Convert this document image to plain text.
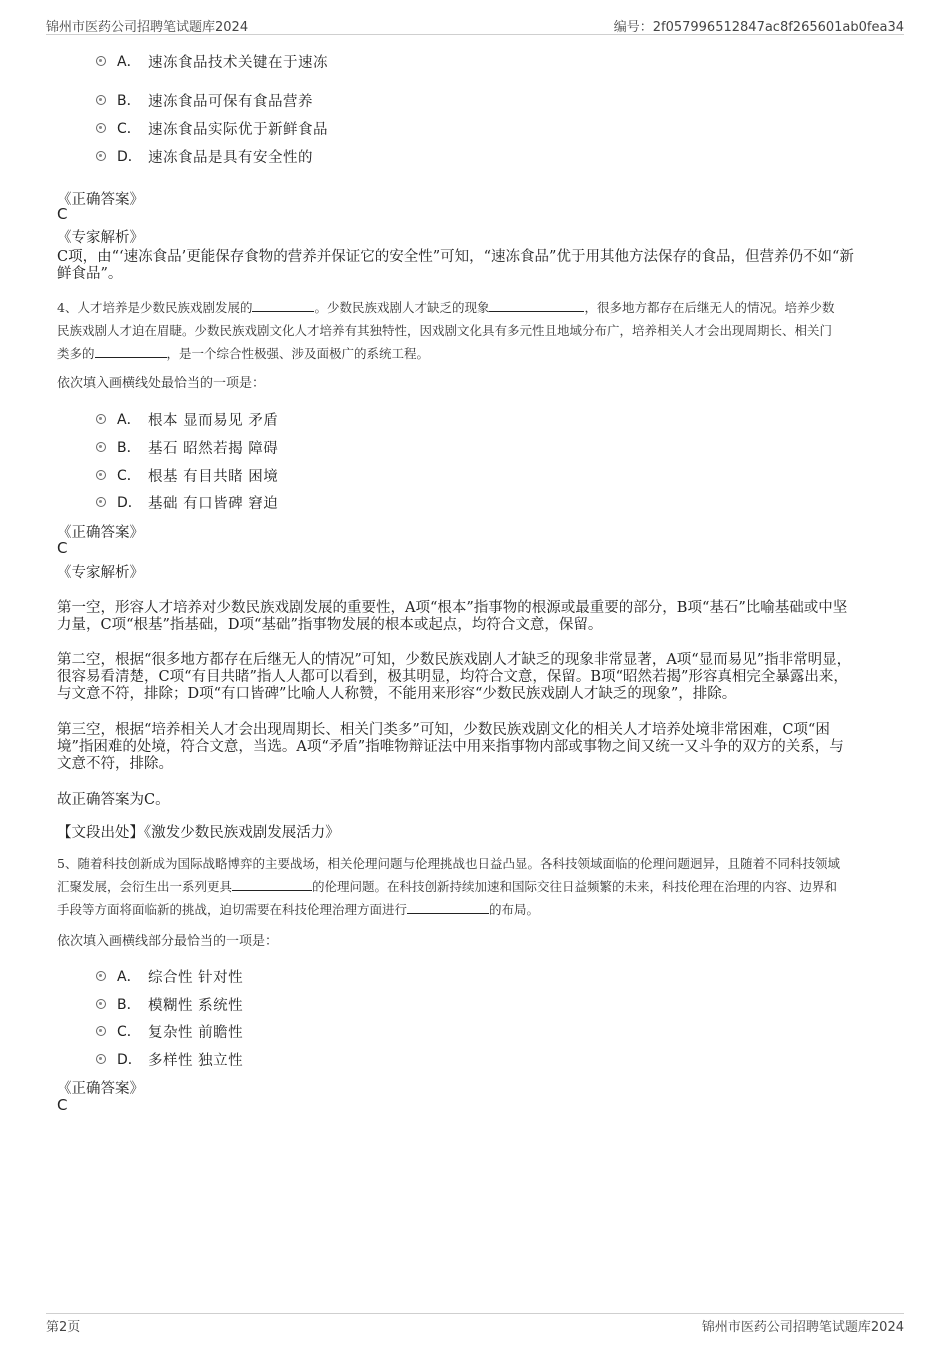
锦州市医药公司招聘笔试题库2024	编号：2f057996512847ac8f265601ab0fea34
A． 速冻食品技术关键在于速冻
B． 速冻食品可保有食品营养
C． 速冻食品实际优于新鲜食品
D． 速冻食品是具有安全性的
《正确答案》
C
《专家解析》
C项，由“‘速冻食品’更能保存食物的营养并保证它的安全性”可知，“速冻食品”优于用其他方法保存的食品，但营养仍不如“新
鲜食品”。
4、人才培养是少数民族戏剧发展的	。少数民族戏剧人才缺乏的现象	，很多地方都存在后继无人的情况。培养少数
民族戏剧人才迫在眉睫。少数民族戏剧文化人才培养有其独特性，因戏剧文化具有多元性且地域分布广，培养相关人才会出现周期长、相关门
类多的	，是一个综合性极强、涉及面极广的系统工程。
依次填入画横线处最恰当的一项是：
A． 根本 显而易见 矛盾
B． 基石 昭然若揭 障碍
C． 根基 有目共睹 困境
D． 基础 有口皆碑 窘迫
《正确答案》
C
《专家解析》
第一空，形容人才培养对少数民族戏剧发展的重要性，A项“根本”指事物的根源或最重要的部分，B项“基石”比喻基础或中坚
力量，C项“根基”指基础，D项“基础”指事物发展的根本或起点，均符合文意，保留。
第二空，根据“很多地方都存在后继无人的情况”可知，少数民族戏剧人才缺乏的现象非常显著，A项“显而易见”指非常明显，
很容易看清楚，C项“有目共睹”指人人都可以看到，极其明显，均符合文意，保留。B项“昭然若揭”形容真相完全暴露出来，
与文意不符，排除；D项“有口皆碑”比喻人人称赞，不能用来形容“少数民族戏剧人才缺乏的现象”，排除。
第三空，根据“培养相关人才会出现周期长、相关门类多”可知，少数民族戏剧文化的相关人才培养处境非常困难，C项“困
境”指困难的处境，符合文意，当选。A项“矛盾”指唯物辩证法中用来指事物内部或事物之间又统一又斗争的双方的关系，与
文意不符，排除。
故正确答案为C。
【文段出处】《激发少数民族戏剧发展活力》
5、随着科技创新成为国际战略博弈的主要战场，相关伦理问题与伦理挑战也日益凸显。各科技领域面临的伦理问题迥异，且随着不同科技领域
汇聚发展，会衍生出一系列更具	的伦理问题。在科技创新持续加速和国际交往日益频繁的未来，科技伦理在治理的内容、边界和
手段等方面将面临新的挑战，迫切需要在科技伦理治理方面进行	的布局。
依次填入画横线部分最恰当的一项是：
A． 综合性 针对性
B． 模糊性 系统性
C． 复杂性 前瞻性
D． 多样性 独立性
《正确答案》
C
第2页	锦州市医药公司招聘笔试题库2024
